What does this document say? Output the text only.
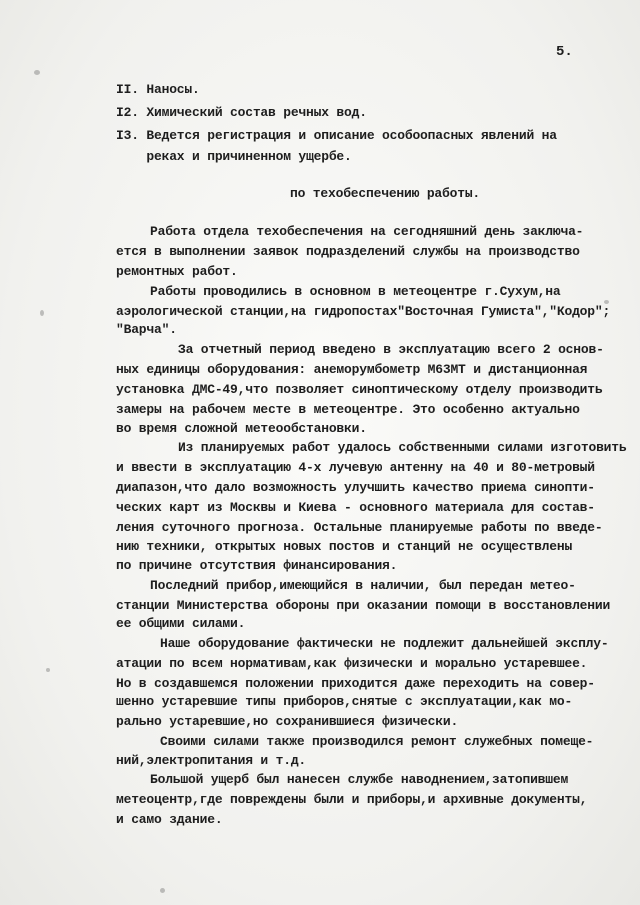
5.

II. Наносы.

I2. Химический состав речных вод.

I3. Ведется регистрация и описание особоопасных явлений на

реках и причиненном ущербе.

по техобеспечению работы.

Работа отдела техобеспечения на сегодняшний день заключа-

ется в выполнении заявок подразделений службы на производство

ремонтных работ.

Работы проводились в основном в метеоцентре г.Сухум,на

аэрологической станции,на гидропостах"Восточная Гумиста","Кодор";

"Варча".

За отчетный период введено в эксплуатацию всего 2 основ-

ных единицы оборудования: анеморумбометр М63МТ и дистанционная

установка ДМС-49,что позволяет синоптическому отделу производить

замеры на рабочем месте в метеоцентре. Это особенно актуально

во время сложной метеообстановки.

Из планируемых работ удалось собственными силами изготовить

и ввести в эксплуатацию 4-х лучевую антенну на 40 и 80-метровый

диапазон,что дало возможность улучшить качество приема синопти-

ческих карт из Москвы и Киева - основного материала для состав-

ления суточного прогноза. Остальные планируемые работы по введе-

нию техники, открытых новых постов и станций не осуществлены

по причине отсутствия финансирования.

Последний прибор,имеющийся в наличии, был передан метео-

станции Министерства обороны при оказании помощи в восстановлении

ее общими силами.

Наше оборудование фактически не подлежит дальнейшей эксплу-

атации по всем нормативам,как физически и морально устаревшее.

Но в создавшемся положении приходится даже переходить на совер-

шенно устаревшие типы приборов,снятые с эксплуатации,как мо-

рально устаревшие,но сохранившиеся физически.

Своими силами также производился ремонт служебных помеще-

ний,электропитания и т.д.

Большой ущерб был нанесен службе наводнением,затопившем

метеоцентр,где повреждены были и приборы,и архивные документы,

и само здание.
